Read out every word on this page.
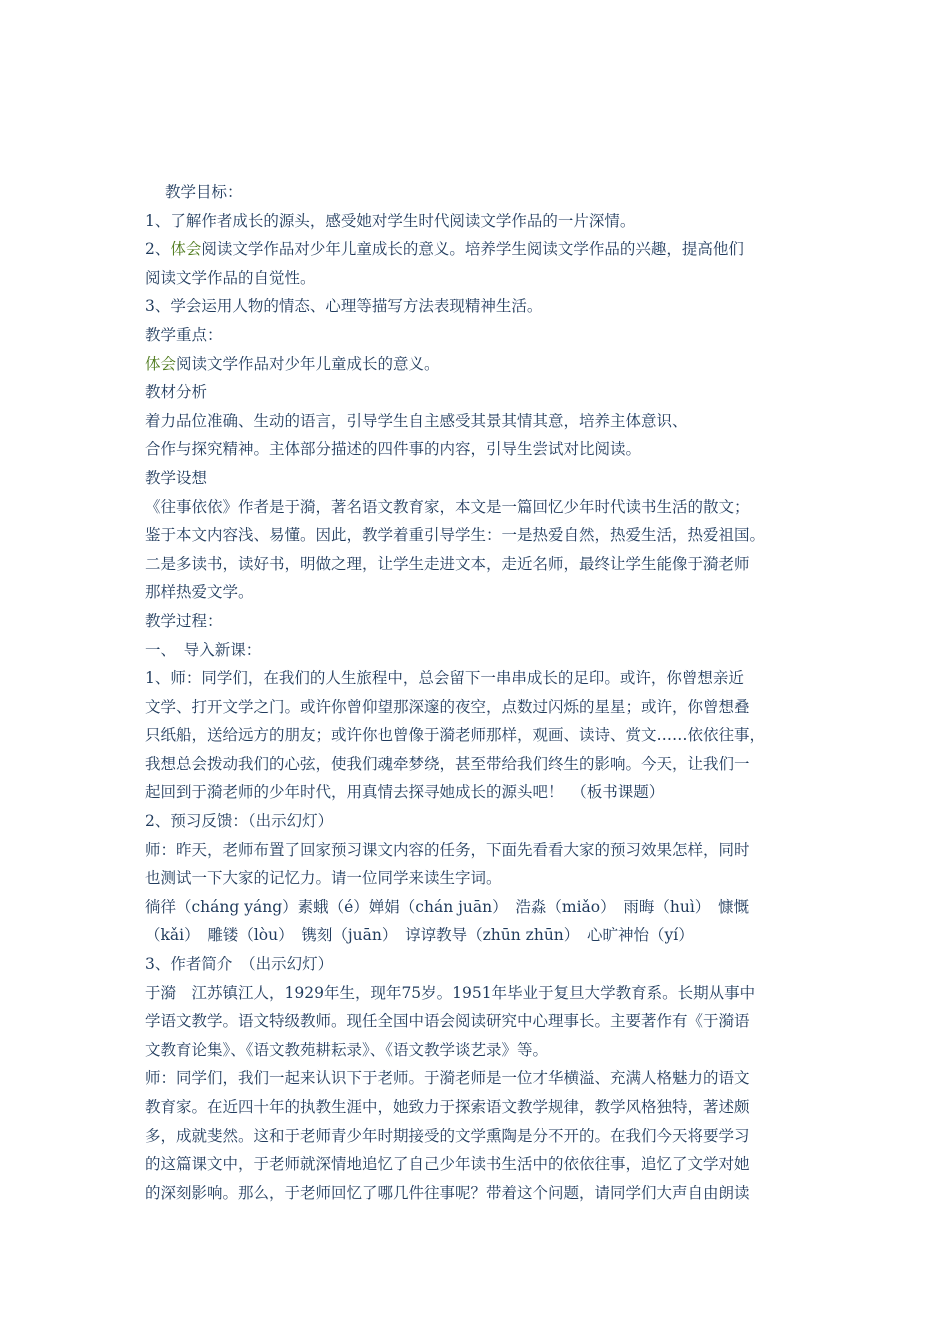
教学目标：
1、了解作者成长的源头，感受她对学生时代阅读文学作品的一片深情。
2、体会阅读文学作品对少年儿童成长的意义。培养学生阅读文学作品的兴趣，提高他们
阅读文学作品的自觉性。
3、学会运用人物的情态、心理等描写方法表现精神生活。
教学重点：
体会阅读文学作品对少年儿童成长的意义。
教材分析
着力品位准确、生动的语言，引导学生自主感受其景其情其意，培养主体意识、
合作与探究精神。主体部分描述的四件事的内容，引导生尝试对比阅读。
教学设想
《往事依依》作者是于漪，著名语文教育家，本文是一篇回忆少年时代读书生活的散文；
鉴于本文内容浅、易懂。因此，教学着重引导学生：一是热爱自然，热爱生活，热爱祖国。
二是多读书，读好书，明做之理，让学生走进文本，走近名师，最终让学生能像于漪老师
那样热爱文学。
教学过程：
一、　导入新课：
1、师：同学们，在我们的人生旅程中，总会留下一串串成长的足印。或许，你曾想亲近
文学、打开文学之门。或许你曾仰望那深邃的夜空，点数过闪烁的星星；或许，你曾想叠
只纸船，送给远方的朋友；或许你也曾像于漪老师那样，观画、读诗、赏文……依依往事，
我想总会拨动我们的心弦，使我们魂牵梦绕，甚至带给我们终生的影响。今天，让我们一
起回到于漪老师的少年时代，用真情去探寻她成长的源头吧！　（板书课题）
2、预习反馈：（出示幻灯）
师：昨天，老师布置了回家预习课文内容的任务，下面先看看大家的预习效果怎样，同时
也测试一下大家的记忆力。请一位同学来读生字词。
徜徉（cháng yáng）素蛾（é）婵娟（chán juān）　浩淼（miǎo）　雨晦（huì）　慷慨
（kǎi）　雕镂（lòu）　镌刻（juān）　谆谆教导（zhūn zhūn）　心旷神怡（yí）
3、作者简介　（出示幻灯）
于漪　江苏镇江人，1929年生，现年75岁。1951年毕业于复旦大学教育系。长期从事中
学语文教学。语文特级教师。现任全国中语会阅读研究中心理事长。主要著作有《于漪语
文教育论集》、《语文教苑耕耘录》、《语文教学谈艺录》等。
师：同学们，我们一起来认识下于老师。于漪老师是一位才华横溢、充满人格魅力的语文
教育家。在近四十年的执教生涯中，她致力于探索语文教学规律，教学风格独特，著述颇
多，成就斐然。这和于老师青少年时期接受的文学熏陶是分不开的。在我们今天将要学习
的这篇课文中，于老师就深情地追忆了自己少年读书生活中的依依往事，追忆了文学对她
的深刻影响。那么，于老师回忆了哪几件往事呢？带着这个问题，请同学们大声自由朗读
